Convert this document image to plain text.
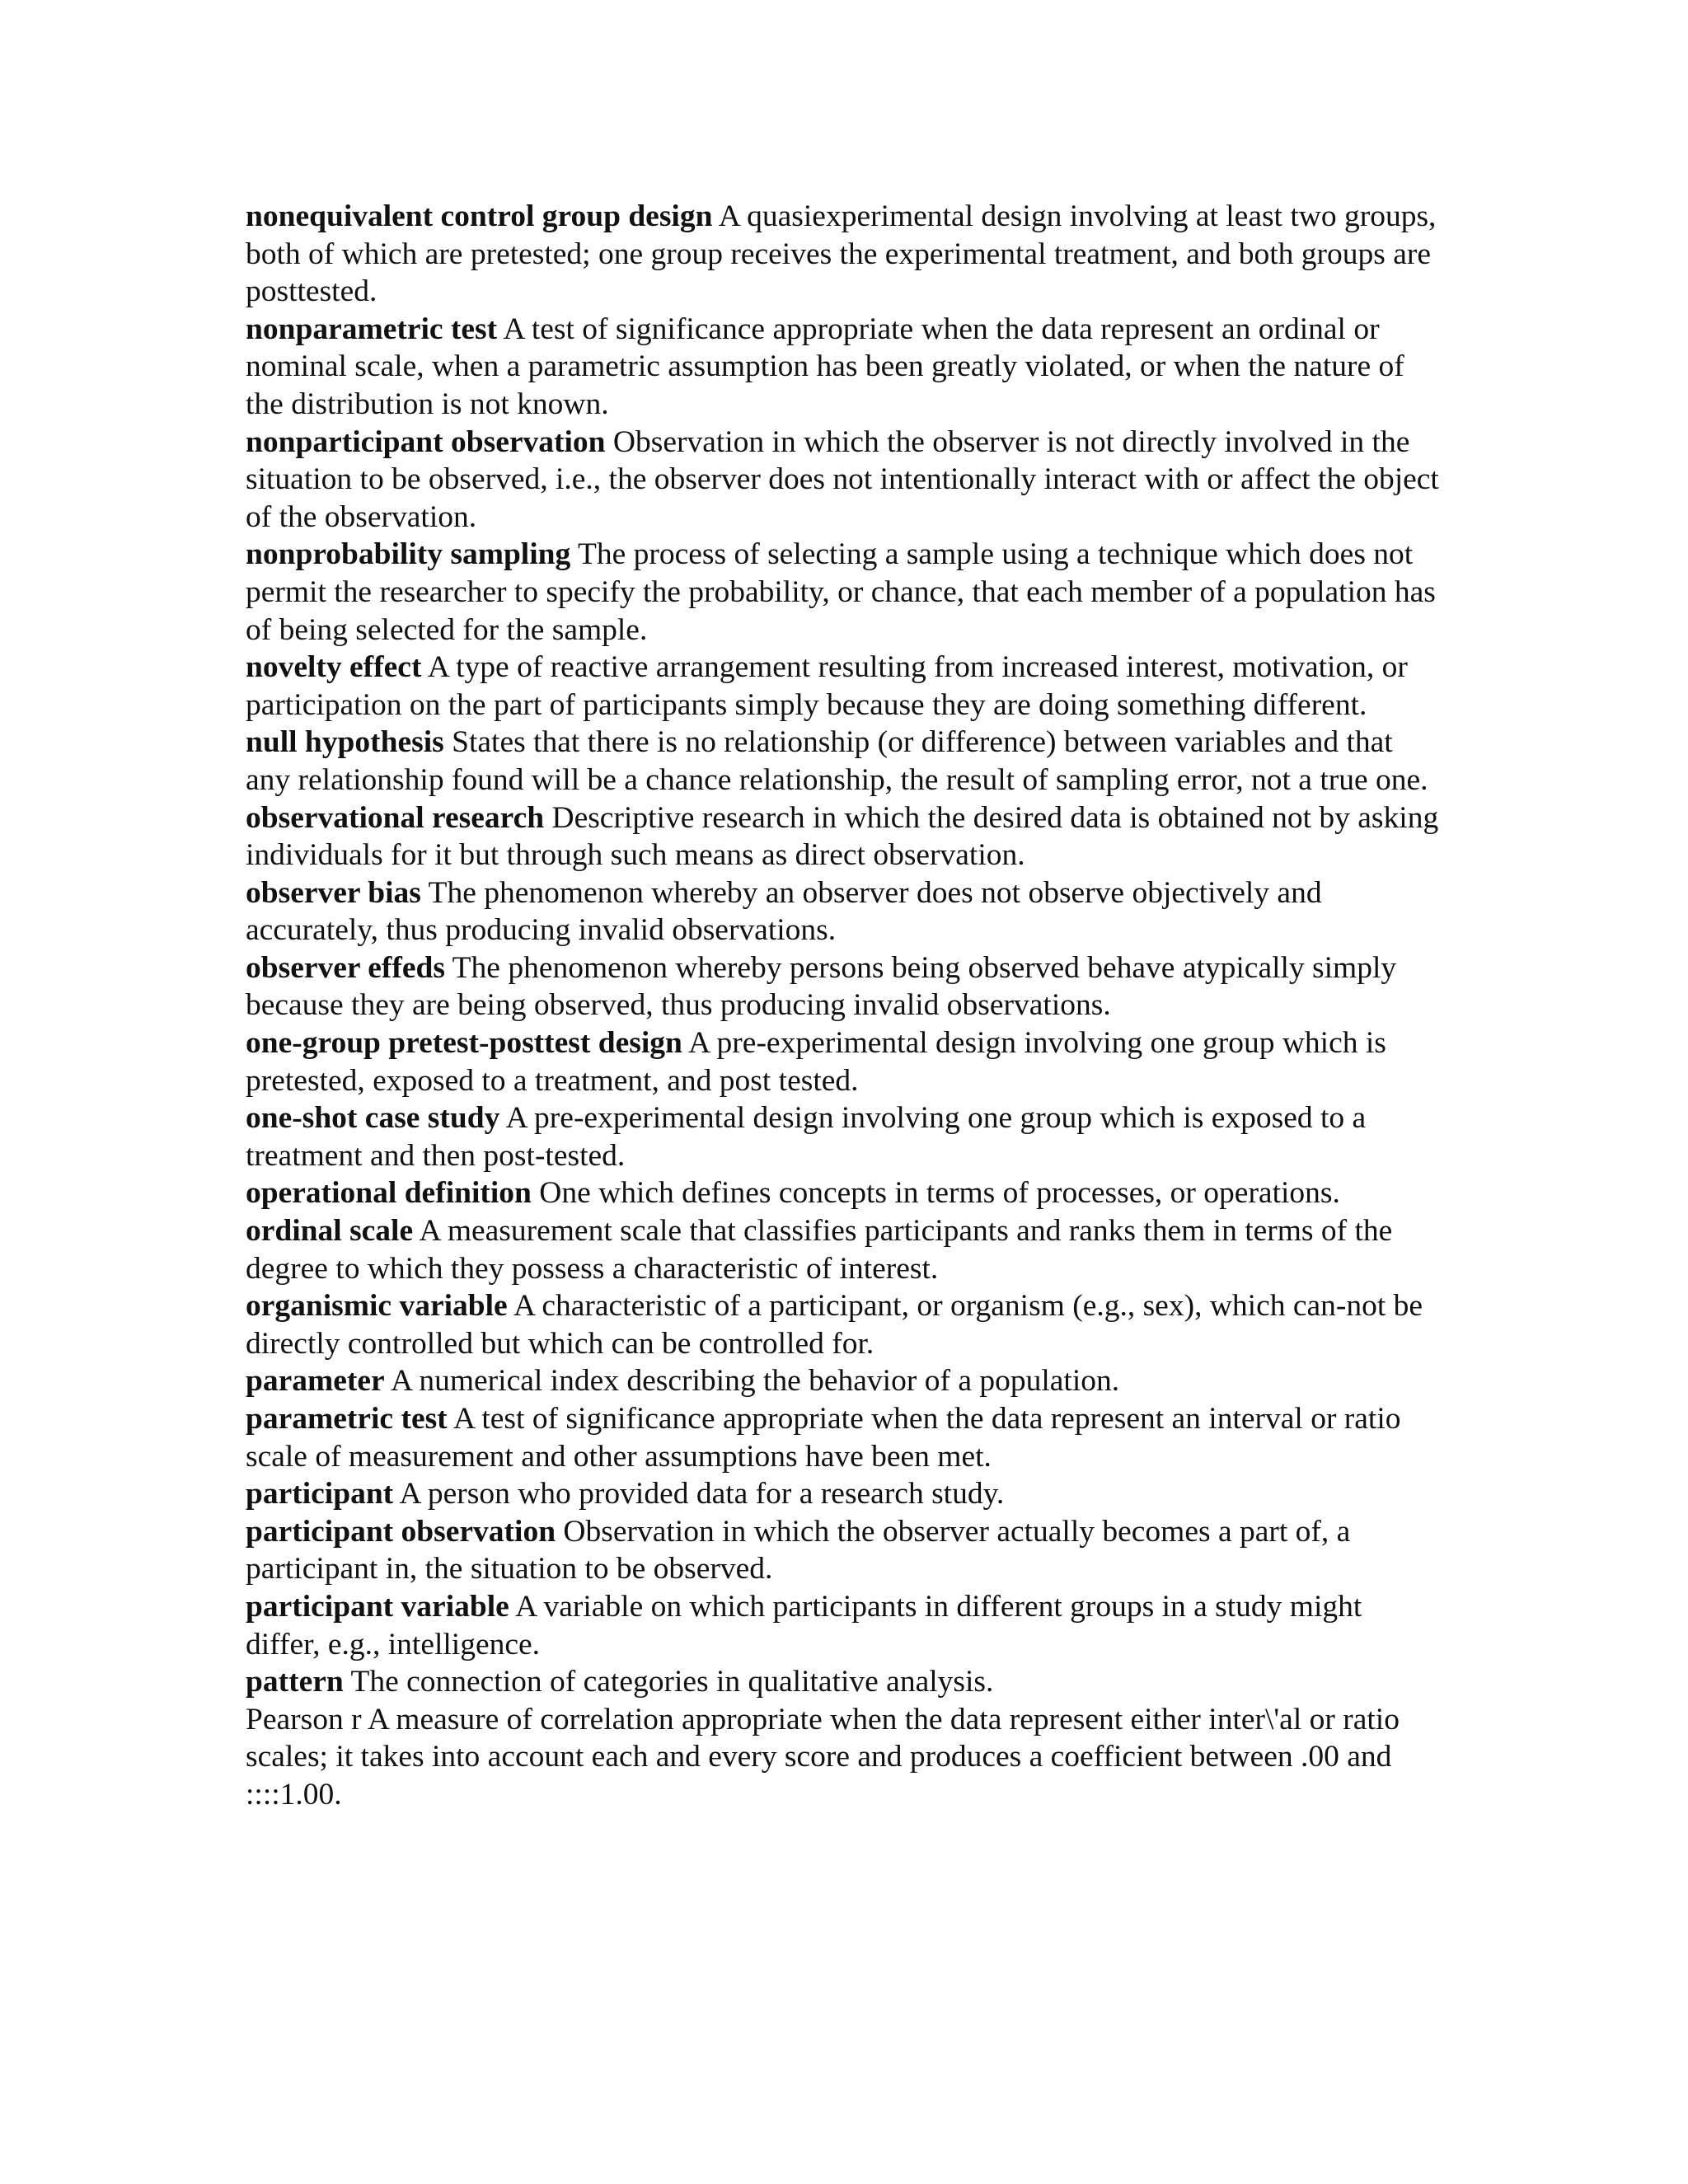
nonequivalent control group design A quasiexperimental design involving at least two groups, both of which are pretested; one group receives the experimental treatment, and both groups are posttested.

nonparametric test A test of significance appropriate when the data represent an ordinal or nominal scale, when a parametric assumption has been greatly violated, or when the nature of the distribution is not known.

nonparticipant observation Observation in which the observer is not directly involved in the situation to be observed, i.e., the observer does not intentionally interact with or affect the object of the observation.

nonprobability sampling The process of selecting a sample using a technique which does not permit the researcher to specify the probability, or chance, that each member of a population has of being selected for the sample.

novelty effect A type of reactive arrangement resulting from increased interest, motivation, or participation on the part of participants simply because they are doing something different.

null hypothesis States that there is no relationship (or difference) between variables and that any relationship found will be a chance relationship, the result of sampling error, not a true one.

observational research Descriptive research in which the desired data is obtained not by asking individuals for it but through such means as direct observation.

observer bias The phenomenon whereby an observer does not observe objectively and accurately, thus producing invalid observations.

observer effeds The phenomenon whereby persons being observed behave atypically simply because they are being observed, thus producing invalid observations.

one-group pretest-posttest design A pre-experimental design involving one group which is pretested, exposed to a treatment, and post tested.

one-shot case study A pre-experimental design involving one group which is exposed to a treatment and then post-tested.

operational definition One which defines concepts in terms of processes, or operations.

ordinal scale A measurement scale that classifies participants and ranks them in terms of the degree to which they possess a characteristic of interest.

organismic variable A characteristic of a participant, or organism (e.g., sex), which can-not be directly controlled but which can be controlled for.

parameter A numerical index describing the behavior of a population.

parametric test A test of significance appropriate when the data represent an interval or ratio scale of measurement and other assumptions have been met.

participant A person who provided data for a research study.

participant observation Observation in which the observer actually becomes a part of, a participant in, the situation to be observed.

participant variable A variable on which participants in different groups in a study might differ, e.g., intelligence.

pattern The connection of categories in qualitative analysis.

Pearson r A measure of correlation appropriate when the data represent either inter\'al or ratio scales; it takes into account each and every score and produces a coefficient between .00 and ::::1.00.
